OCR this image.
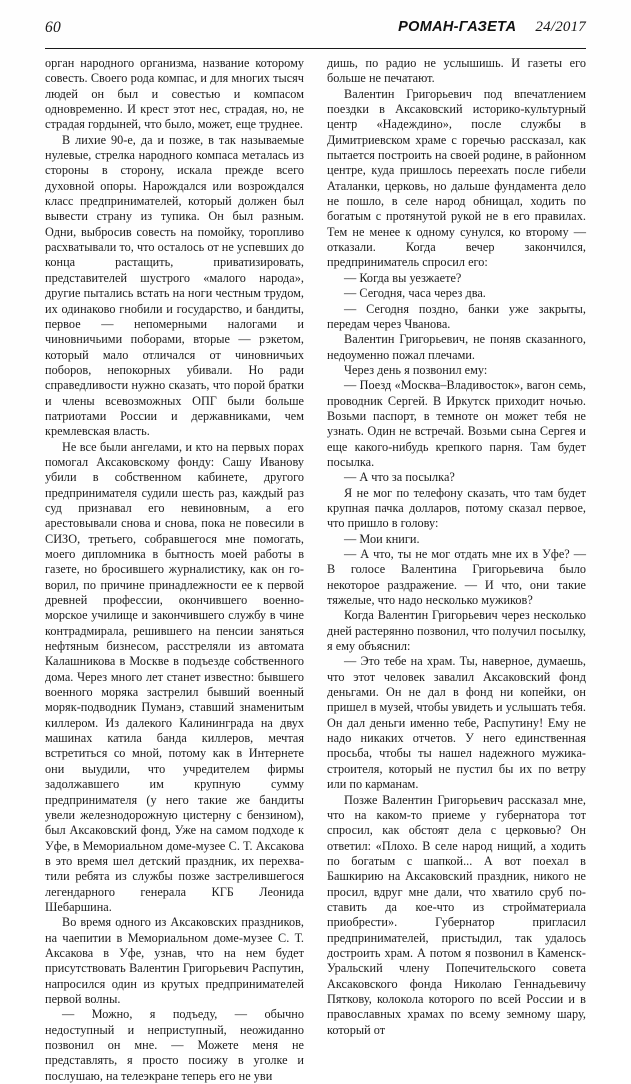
60	РОМАН-ГАЗЕТА 24/2017

орган народного организма, название которому совесть. Своего рода компас, и для многих тысяч людей он был и совестью и компасом одновременно. И крест этот нес, страдая, но, не страдая гордыней, что было, может, еще труднее.

В лихие 90-е, да и позже, в так называемые нулевые, стрелка народного компаса металась из стороны в сторону, искала прежде всего духовной опоры. Нарождался или возрождался класс предпринимателей, который должен был вывести страну из тупика. Он был разным. Одни, выбросив совесть на помойку, торопливо расхватывали то, что осталось от не успевших до конца растащить, приватизировать, представителей шустрого «малого народа», другие пытались встать на ноги честным трудом, их одинаково гнобили и государство, и бандиты, первое — непомерными налогами и чиновничьими поборами, вторые — рэкетом, который мало отличался от чиновничьих поборов, непокорных убивали. Но ради справедливости нужно сказать, что порой братки и члены всевозможных ОПГ были больше патриотами России и державниками, чем кремлевская власть.

Не все были ангелами, и кто на первых порах помогал Аксаковскому фонду: Сашу Иванову убили в собственном кабинете, другого предпринимателя судили шесть раз, каждый раз суд признавал его невиновным, а его арестовывали снова и снова, пока не повесили в СИЗО, третьего, собравшегося мне помогать, моего дипломника в бытность моей работы в газете, но бросившего журналистику, как он говорил, по причине принадлежности ее к первой древней профессии, окончившего военно-морское училище и закончившего службу в чине контрадмирала, решившего на пенсии заняться нефтяным бизнесом, расстреляли из автомата Калашникова в Москве в подъезде собственного дома. Через много лет станет известно: бывшего военного моряка застрелил бывший военный моряк-подводник Пуманэ, ставший знаменитым киллером. Из далекого Калининграда на двух машинах катила банда киллеров, мечтая встретиться со мной, потому как в Интернете они выудили, что учредителем фирмы задолжавшего им крупную сумму предпринимателя (у него такие же бандиты увели железнодорожную цистерну с бензином), был Аксаковский фонд, Уже на самом подходе к Уфе, в Мемориальном доме-музее С. Т. Аксакова в это время шел детский праздник, их перехватили ребята из службы позже застрелившегося легендарного генерала КГБ Леонида Шебаршина.

Во время одного из Аксаковских праздников, на чаепитии в Мемориальном доме-музее С. Т. Аксакова в Уфе, узнав, что на нем будет присутствовать Валентин Григорьевич Распутин, напросился один из крутых предпринимателей первой волны.

— Можно, я подъеду, — обычно недоступный и неприступный, неожиданно позвонил он мне. — Можете меня не представлять, я просто посижу в уголке и послушаю, на телеэкране теперь его не уви

дишь, по радио не услышишь. И газеты его больше не печатают.

Валентин Григорьевич под впечатлением поездки в Аксаковский историко-культурный центр «Надеждино», после службы в Димитриевском храме с горечью рассказал, как пытается построить на своей родине, в районном центре, куда пришлось переехать после гибели Аталанки, церковь, но дальше фундамента дело не пошло, в селе народ обнищал, ходить по богатым с протянутой рукой не в его правилах. Тем не менее к одному сунулся, ко второму — отказали. Когда вечер закончился, предприниматель спросил его:

— Когда вы уезжаете?

— Сегодня, часа через два.

— Сегодня поздно, банки уже закрыты, передам через Чванова.

Валентин Григорьевич, не поняв сказанного, недоуменно пожал плечами.

Через день я позвонил ему:

— Поезд «Москва–Владивосток», вагон семь, проводник Сергей. В Иркутск приходит ночью. Возьми паспорт, в темноте он может тебя не узнать. Один не встречай. Возьми сына Сергея и еще какого-нибудь крепкого парня. Там будет посылка.

— А что за посылка?

Я не мог по телефону сказать, что там будет крупная пачка долларов, потому сказал первое, что пришло в голову:

— Мои книги.

— А что, ты не мог отдать мне их в Уфе? — В голосе Валентина Григорьевича было некоторое раздражение. — И что, они такие тяжелые, что надо несколько мужиков?

Когда Валентин Григорьевич через несколько дней растерянно позвонил, что получил посылку, я ему объяснил:

— Это тебе на храм. Ты, наверное, думаешь, что этот человек завалил Аксаковский фонд деньгами. Он не дал в фонд ни копейки, он пришел в музей, чтобы увидеть и услышать тебя. Он дал деньги именно тебе, Распутину! Ему не надо никаких отчетов. У него единственная просьба, чтобы ты нашел надежного мужика-строителя, который не пустил бы их по ветру или по карманам.

Позже Валентин Григорьевич рассказал мне, что на каком-то приеме у губернатора тот спросил, как обстоят дела с церковью? Он ответил: «Плохо. В селе народ нищий, а ходить по богатым с шапкой... А вот поехал в Башкирию на Аксаковский праздник, никого не просил, вдруг мне дали, что хватило сруб поставить да кое-что из стройматериала приобрести». Губернатор пригласил предпринимателей, пристыдил, так удалось достроить храм. А потом я позвонил в Каменск-Уральский члену Попечительского совета Аксаковского фонда Николаю Геннадьевичу Пяткову, колокола которого по всей России и в православных храмах по всему земному шару, который от
